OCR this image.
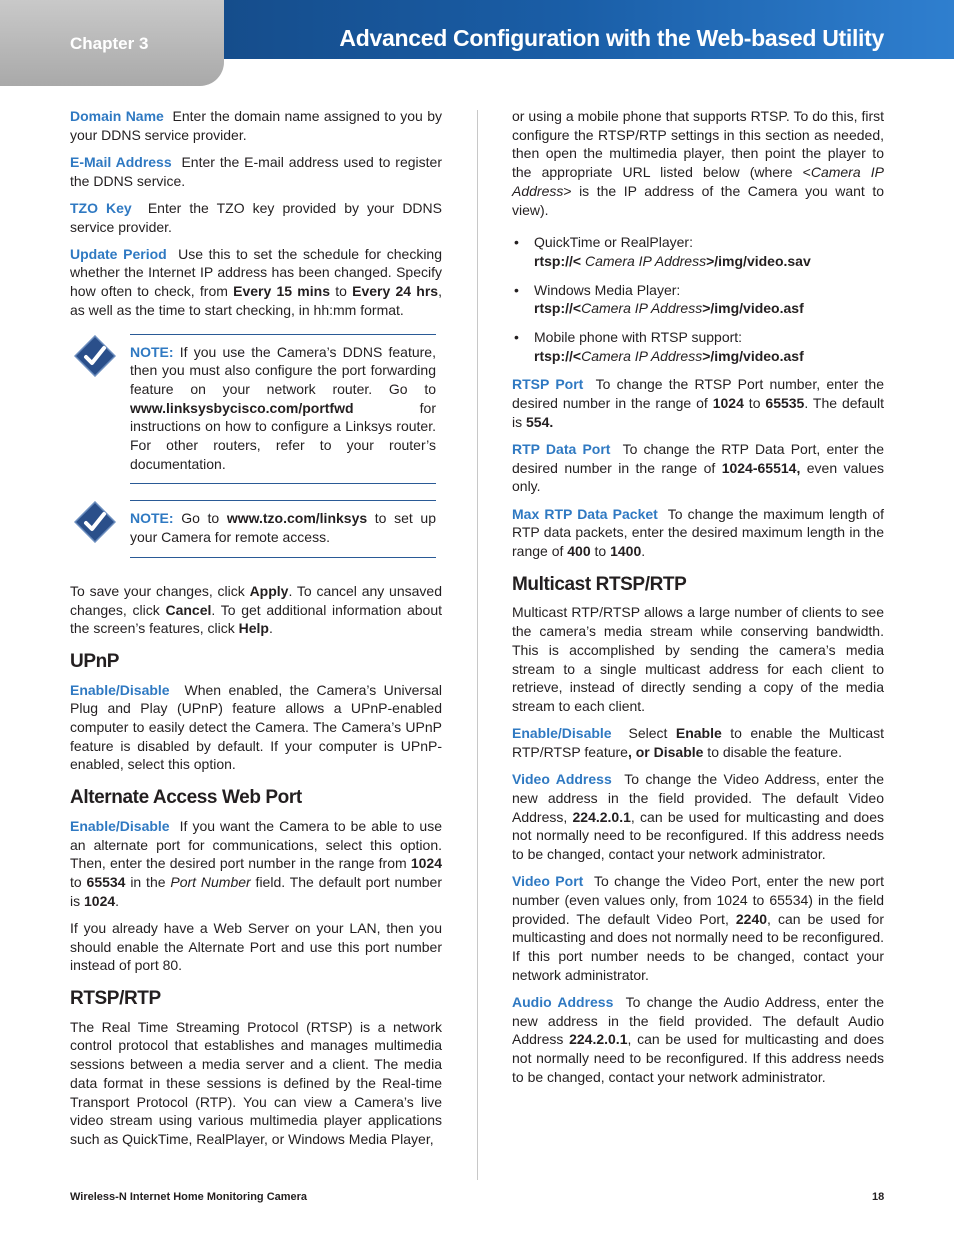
Chapter 3	Advanced Configuration with the Web-based Utility

Domain Name Enter the domain name assigned to you by your DDNS service provider.

E-Mail Address Enter the E-mail address used to register the DDNS service.

TZO Key Enter the TZO key provided by your DDNS service provider.

Update Period Use this to set the schedule for checking whether the Internet IP address has been changed. Specify how often to check, from Every 15 mins to Every 24 hrs, as well as the time to start checking, in hh:mm format.

NOTE: If you use the Camera’s DDNS feature, then you must also configure the port forwarding feature on your network router. Go to www.linksysbycisco.com/portfwd for instructions on how to configure a Linksys router. For other routers, refer to your router’s documentation.

NOTE: Go to www.tzo.com/linksys to set up your Camera for remote access.

To save your changes, click Apply. To cancel any unsaved changes, click Cancel. To get additional information about the screen’s features, click Help.

UPnP

Enable/Disable When enabled, the Camera’s Universal Plug and Play (UPnP) feature allows a UPnP-enabled computer to easily detect the Camera. The Camera’s UPnP feature is disabled by default. If your computer is UPnP-enabled, select this option.

Alternate Access Web Port

Enable/Disable If you want the Camera to be able to use an alternate port for communications, select this option. Then, enter the desired port number in the range from 1024 to 65534 in the Port Number field. The default port number is 1024.

If you already have a Web Server on your LAN, then you should enable the Alternate Port and use this port number instead of port 80.

RTSP/RTP

The Real Time Streaming Protocol (RTSP) is a network control protocol that establishes and manages multimedia sessions between a media server and a client. The media data format in these sessions is defined by the Real-time Transport Protocol (RTP). You can view a Camera’s live video stream using various multimedia player applications such as QuickTime, RealPlayer, or Windows Media Player,

or using a mobile phone that supports RTSP. To do this, first configure the RTSP/RTP settings in this section as needed, then open the multimedia player, then point the player to the appropriate URL listed below (where <Camera IP Address> is the IP address of the Camera you want to view).

• QuickTime or RealPlayer:
rtsp://< Camera IP Address>/img/video.sav
• Windows Media Player:
rtsp://<Camera IP Address>/img/video.asf
• Mobile phone with RTSP support:
rtsp://<Camera IP Address>/img/video.asf

RTSP Port To change the RTSP Port number, enter the desired number in the range of 1024 to 65535. The default is 554.

RTP Data Port To change the RTP Data Port, enter the desired number in the range of 1024-65514, even values only.

Max RTP Data Packet To change the maximum length of RTP data packets, enter the desired maximum length in the range of 400 to 1400.

Multicast RTSP/RTP

Multicast RTP/RTSP allows a large number of clients to see the camera’s media stream while conserving bandwidth. This is accomplished by sending the camera’s media stream to a single multicast address for each client to retrieve, instead of directly sending a copy of the media stream to each client.

Enable/Disable Select Enable to enable the Multicast RTP/RTSP feature, or Disable to disable the feature.

Video Address To change the Video Address, enter the new address in the field provided. The default Video Address, 224.2.0.1, can be used for multicasting and does not normally need to be reconfigured. If this address needs to be changed, contact your network administrator.

Video Port To change the Video Port, enter the new port number (even values only, from 1024 to 65534) in the field provided. The default Video Port, 2240, can be used for multicasting and does not normally need to be reconfigured. If this port number needs to be changed, contact your network administrator.

Audio Address To change the Audio Address, enter the new address in the field provided. The default Audio Address 224.2.0.1, can be used for multicasting and does not normally need to be reconfigured. If this address needs to be changed, contact your network administrator.

Wireless-N Internet Home Monitoring Camera	18
